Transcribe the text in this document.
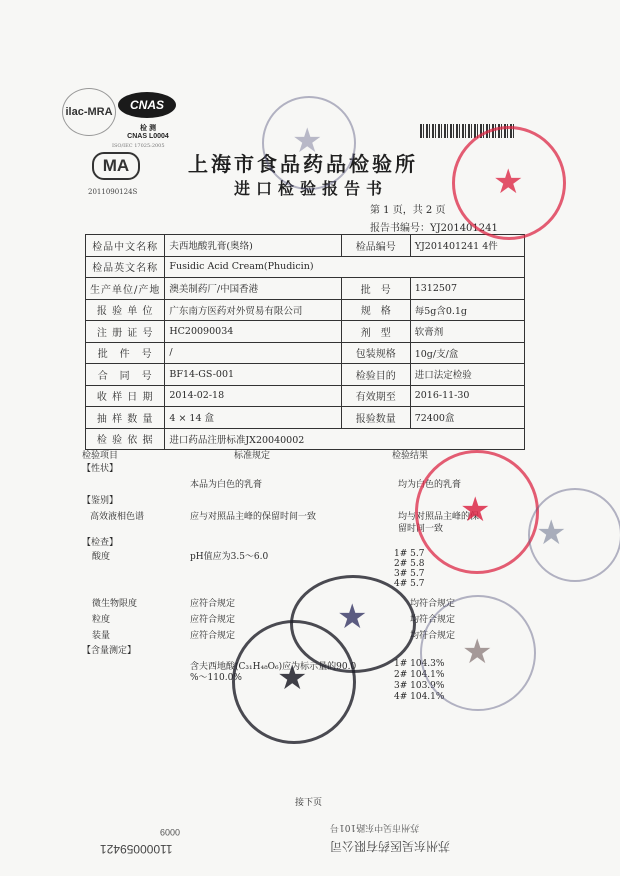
ilac-MRA	CNAS
检 测
CNAS L0004
ISO/IEC 17025:2005
MA
2011090124S
上海市食品药品检验所
进口检验报告书
第 1 页，共 2 页
报告书编号：YJ201401241
检品中文名称	夫西地酸乳膏(奥络)	检品编号	YJ201401241 4件
检品英文名称	Fusidic Acid Cream(Phudicin)		
生产单位/产地	澳美制药厂/中国香港	批　号	1312507
报 验 单 位	广东南方医药对外贸易有限公司	规　格	每5g含0.1g
注 册 证 号	HC20090034	剂　型	软膏剂
批　件　号	/	包装规格	10g/支/盒
合　同　号	BF14-GS-001	检验目的	进口法定检验
收 样 日 期	2014-02-18	有效期至	2016-11-30
抽 样 数 量	4 × 14 盒	报验数量	72400盒
检 验 依 据	进口药品注册标准JX20040002		
检验项目	标准规定	检验结果
【性状】
本品为白色的乳膏	均为白色的乳膏
【鉴别】
高效液相色谱	应与对照品主峰的保留时间一致	均与对照品主峰的保
留时间一致
【检查】
酸度	pH值应为3.5～6.0	1# 5.7
2# 5.8
3# 5.7
4# 5.7
微生物限度	应符合规定	均符合规定
粒度	应符合规定	均符合规定
装量	应符合规定	均符合规定
【含量测定】
含夫西地酸(C₃₁H₄₈O₆)应为标示量的90.0
%～110.0%
1# 104.3%
2# 104.1%
3# 103.9%
4# 104.1%
★
★
★
★
★
★
★
接下页
苏州市吴中东路101号
苏州东吴医药有限公司
0009
11000059421
